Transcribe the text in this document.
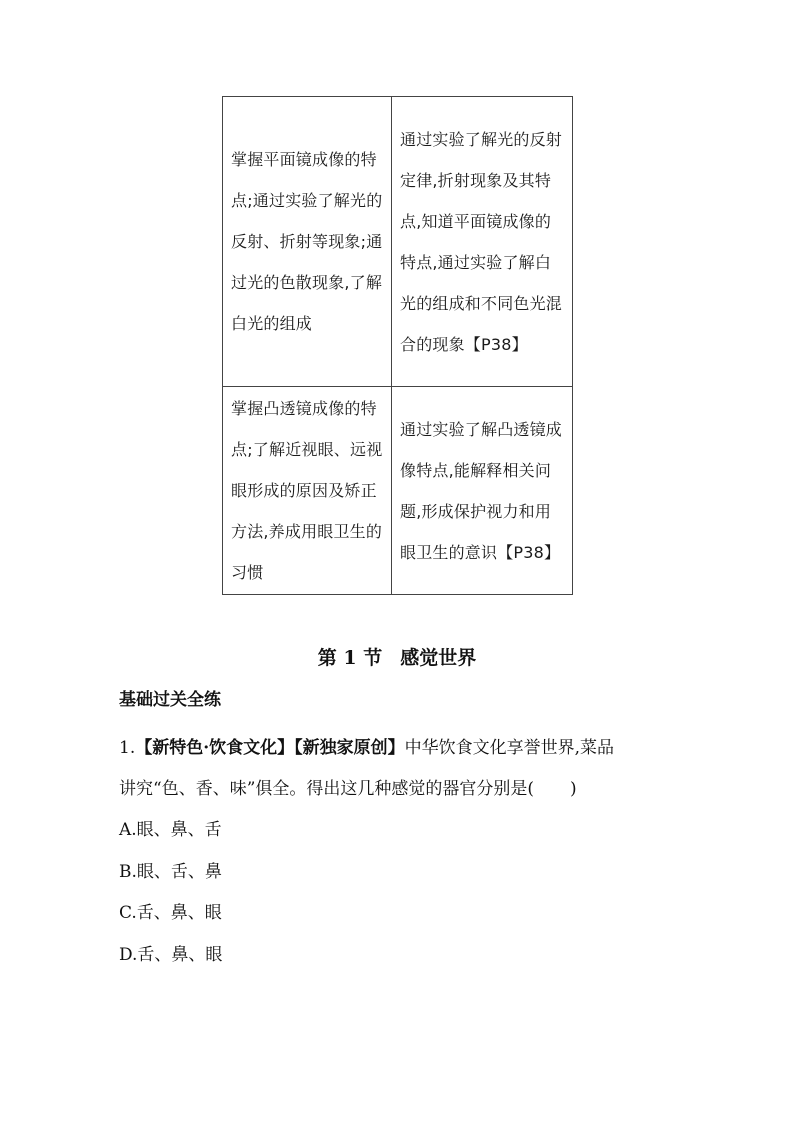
掌握平面镜成像的特点;通过实验了解光的反射、折射等现象;通过光的色散现象,了解白光的组成	通过实验了解光的反射定律,折射现象及其特点,知道平面镜成像的特点,通过实验了解白光的组成和不同色光混合的现象【P38】

掌握凸透镜成像的特点;了解近视眼、远视眼形成的原因及矫正方法,养成用眼卫生的习惯	通过实验了解凸透镜成像特点,能解释相关问题,形成保护视力和用眼卫生的意识【P38】
第 1 节 感觉世界
基础过关全练
1.【新特色·饮食文化】【新独家原创】中华饮食文化享誉世界,菜品
讲究“色、香、味”俱全。得出这几种感觉的器官分别是( )
A.眼、鼻、舌
B.眼、舌、鼻
C.舌、鼻、眼
D.舌、鼻、眼
